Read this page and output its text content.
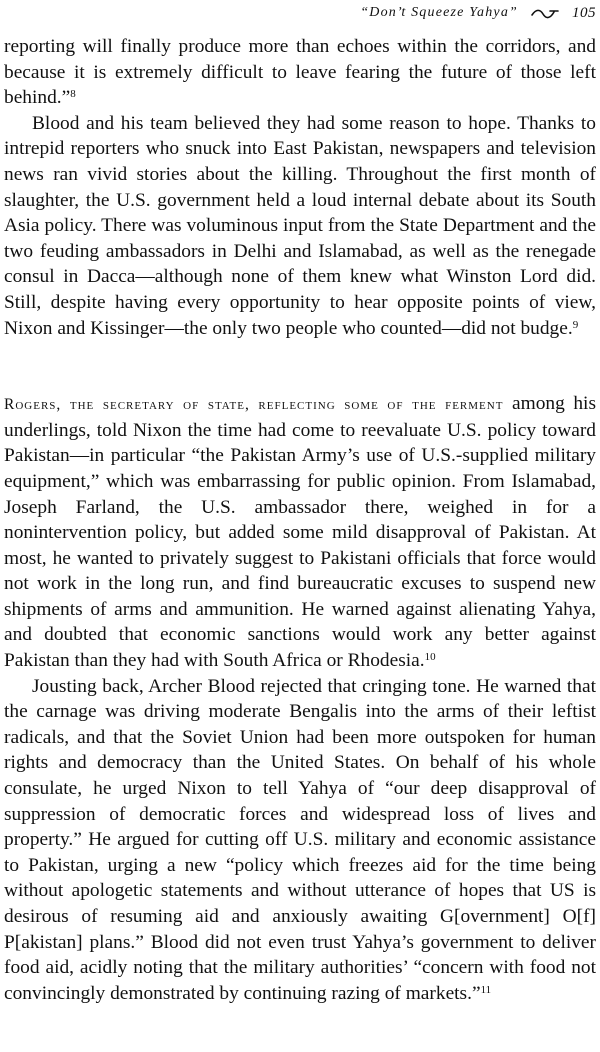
“Don’t Squeeze Yahya”	105

reporting will finally produce more than echoes within the corridors, and because it is extremely difficult to leave fearing the future of those left behind.”$^8$

Blood and his team believed they had some reason to hope. Thanks to intrepid reporters who snuck into East Pakistan, newspapers and television news ran vivid stories about the killing. Throughout the first month of slaughter, the U.S. government held a loud internal debate about its South Asia policy. There was voluminous input from the State Department and the two feuding ambassadors in Delhi and Islamabad, as well as the renegade consul in Dacca—although none of them knew what Winston Lord did. Still, despite having every opportunity to hear opposite points of view, Nixon and Kissinger—the only two people who counted—did not budge.$^9$

Rogers, the secretary of state, reflecting some of the ferment among his underlings, told Nixon the time had come to reevaluate U.S. policy toward Pakistan—in particular “the Pakistan Army’s use of U.S.-supplied military equipment,” which was embarrassing for public opinion. From Islamabad, Joseph Farland, the U.S. ambassador there, weighed in for a nonintervention policy, but added some mild disapproval of Pakistan. At most, he wanted to privately suggest to Pakistani officials that force would not work in the long run, and find bureaucratic excuses to suspend new shipments of arms and ammunition. He warned against alienating Yahya, and doubted that economic sanctions would work any better against Pakistan than they had with South Africa or Rhodesia.$^{10}$

Jousting back, Archer Blood rejected that cringing tone. He warned that the carnage was driving moderate Bengalis into the arms of their leftist radicals, and that the Soviet Union had been more outspoken for human rights and democracy than the United States. On behalf of his whole consulate, he urged Nixon to tell Yahya of “our deep disapproval of suppression of democratic forces and widespread loss of lives and property.” He argued for cutting off U.S. military and economic assistance to Pakistan, urging a new “policy which freezes aid for the time being without apologetic statements and without utterance of hopes that US is desirous of resuming aid and anxiously awaiting G[overnment] O[f] P[akistan] plans.” Blood did not even trust Yahya’s government to deliver food aid, acidly noting that the military authorities’ “concern with food not convincingly demonstrated by continuing razing of markets.”$^{11}$
